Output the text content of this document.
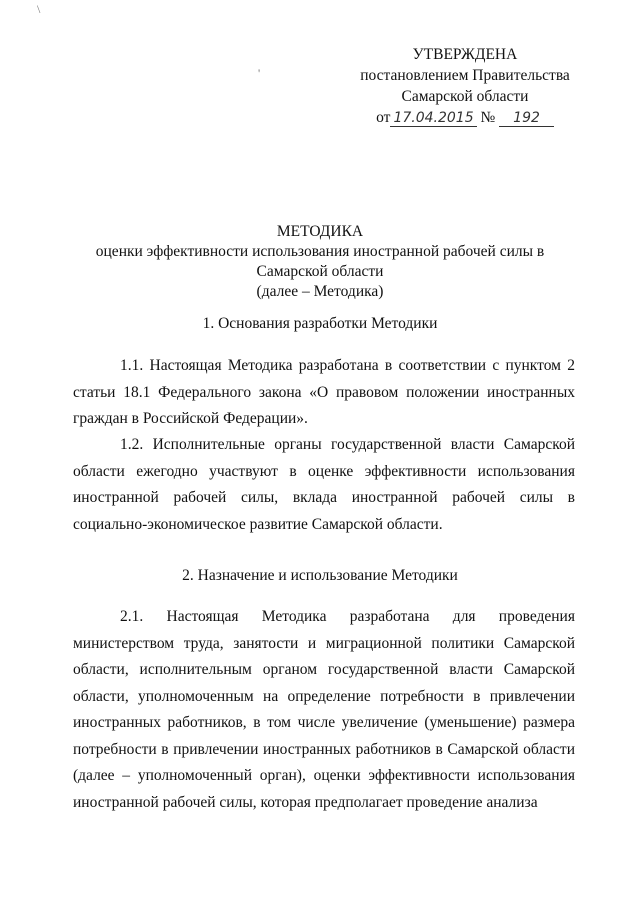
\
'
УТВЕРЖДЕНА
постановлением Правительства
Самарской области
от 17.04.2015 № 192
МЕТОДИКА
оценки эффективности использования иностранной рабочей силы в
Самарской области
(далее – Методика)
1. Основания разработки Методики

1.1. Настоящая Методика разработана в соответствии с пунктом 2 статьи 18.1 Федерального закона «О правовом положении иностранных граждан в Российской Федерации».

1.2. Исполнительные органы государственной власти Самарской области ежегодно участвуют в оценке эффективности использования иностранной рабочей силы, вклада иностранной рабочей силы в социально-экономическое развитие Самарской области.

2. Назначение и использование Методики

2.1. Настоящая Методика разработана для проведения министерством труда, занятости и миграционной политики Самарской области, исполнительным органом государственной власти Самарской области, уполномоченным на определение потребности в привлечении иностранных работников, в том числе увеличение (уменьшение) размера потребности в привлечении иностранных работников в Самарской области (далее – уполномоченный орган), оценки эффективности использования иностранной рабочей силы, которая предполагает проведение анализа
